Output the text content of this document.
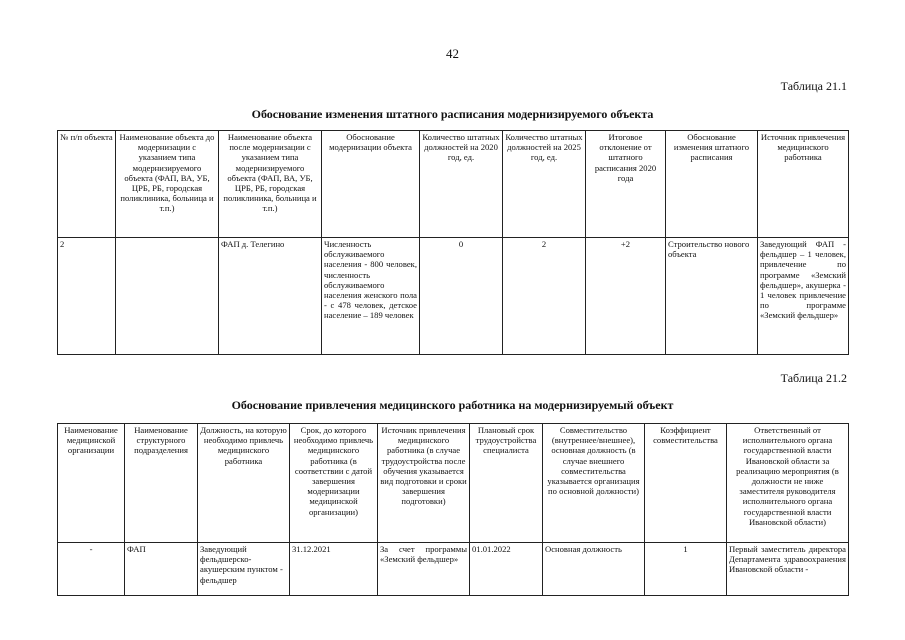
42
Таблица 21.1
Обоснование изменения штатного расписания модернизируемого объекта
№ п/п объекта	Наименование объекта до модернизации с указанием типа модернизируемого объекта (ФАП, ВА, УБ, ЦРБ, РБ, городская поликлиника, больница и т.п.)	Наименование объекта после модернизации с указанием типа модернизируемого объекта (ФАП, ВА, УБ, ЦРБ, РБ, городская поликлиника, больница и т.п.)	Обоснование модернизации объекта	Количество штатных должностей на 2020 год, ед.	Количество штатных должностей на 2025 год, ед.	Итоговое отклонение от штатного расписания 2020 года	Обоснование изменения штатного расписания	Источник привлечения медицинского работника
2		ФАП д. Телегино	Численность обслуживаемого населения - 800 человек, численность обслуживаемого населения женского пола - с 478 человек, детское население – 189 человек	0	2	+2	Строительство нового объекта	Заведующий ФАП - фельдшер – 1 человек, привлечение по программе «Земский фельдшер», акушерка - 1 человек привлечение по программе «Земский фельдшер»
Таблица 21.2
Обоснование привлечения медицинского работника на модернизируемый объект
Наименование медицинской организации	Наименование структурного подразделения	Должность, на которую необходимо привлечь медицинского работника	Срок, до которого необходимо привлечь медицинского работника (в соответствии с датой завершения модернизации медицинской организации)	Источник привлечения медицинского работника (в случае трудоустройства после обучения указывается вид подготовки и сроки завершения подготовки)	Плановый срок трудоустройства специалиста	Совместительство (внутреннее/внешнее), основная должность (в случае внешнего совместительства указывается организация по основной должности)	Коэффициент совместительства	Ответственный от исполнительного органа государственной власти Ивановской области за реализацию мероприятия (в должности не ниже заместителя руководителя исполнительного органа государственной власти Ивановской области)
-	ФАП	Заведующий фельдшерско-акушерским пунктом - фельдшер	31.12.2021	За счет программы «Земский фельдшер»	01.01.2022	Основная должность	1	Первый заместитель директора Департамента здравоохранения Ивановской области -
